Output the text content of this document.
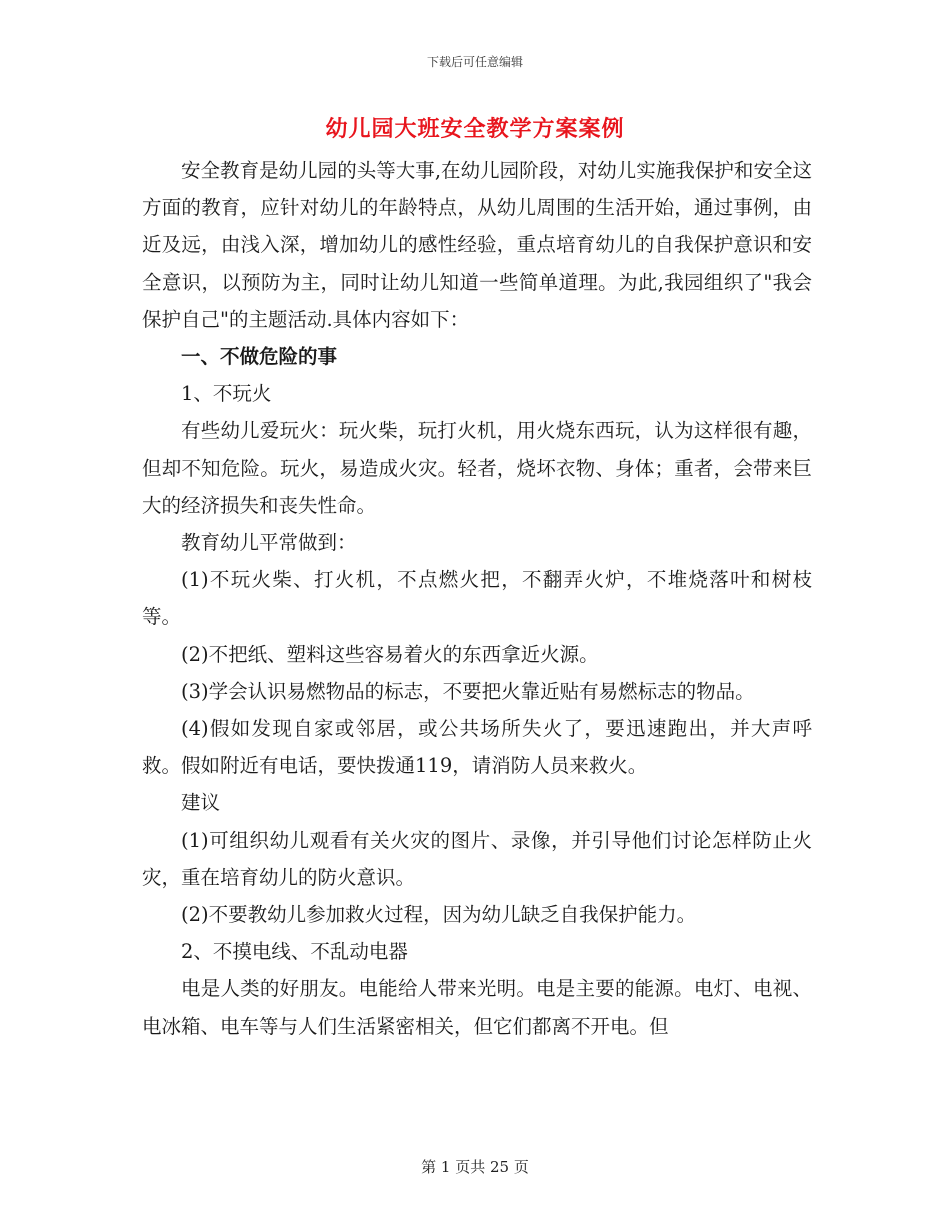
下载后可任意编辑
幼儿园大班安全教学方案案例

安全教育是幼儿园的头等大事,在幼儿园阶段，对幼儿实施我保护和安全这方面的教育，应针对幼儿的年龄特点，从幼儿周围的生活开始，通过事例，由近及远，由浅入深，增加幼儿的感性经验，重点培育幼儿的自我保护意识和安全意识，以预防为主，同时让幼儿知道一些简单道理。为此,我园组织了"我会保护自己"的主题活动.具体内容如下：

一、不做危险的事

1、不玩火

有些幼儿爱玩火：玩火柴，玩打火机，用火烧东西玩，认为这样很有趣，但却不知危险。玩火，易造成火灾。轻者，烧坏衣物、身体；重者，会带来巨大的经济损失和丧失性命。

教育幼儿平常做到：

(1)不玩火柴、打火机，不点燃火把，不翻弄火炉，不堆烧落叶和树枝等。

(2)不把纸、塑料这些容易着火的东西拿近火源。

(3)学会认识易燃物品的标志，不要把火靠近贴有易燃标志的物品。

(4)假如发现自家或邻居，或公共场所失火了，要迅速跑出，并大声呼救。假如附近有电话，要快拨通119，请消防人员来救火。

建议

(1)可组织幼儿观看有关火灾的图片、录像，并引导他们讨论怎样防止火灾，重在培育幼儿的防火意识。

(2)不要教幼儿参加救火过程，因为幼儿缺乏自我保护能力。

2、不摸电线、不乱动电器

电是人类的好朋友。电能给人带来光明。电是主要的能源。电灯、电视、电冰箱、电车等与人们生活紧密相关，但它们都离不开电。但

第 1 页共 25 页
